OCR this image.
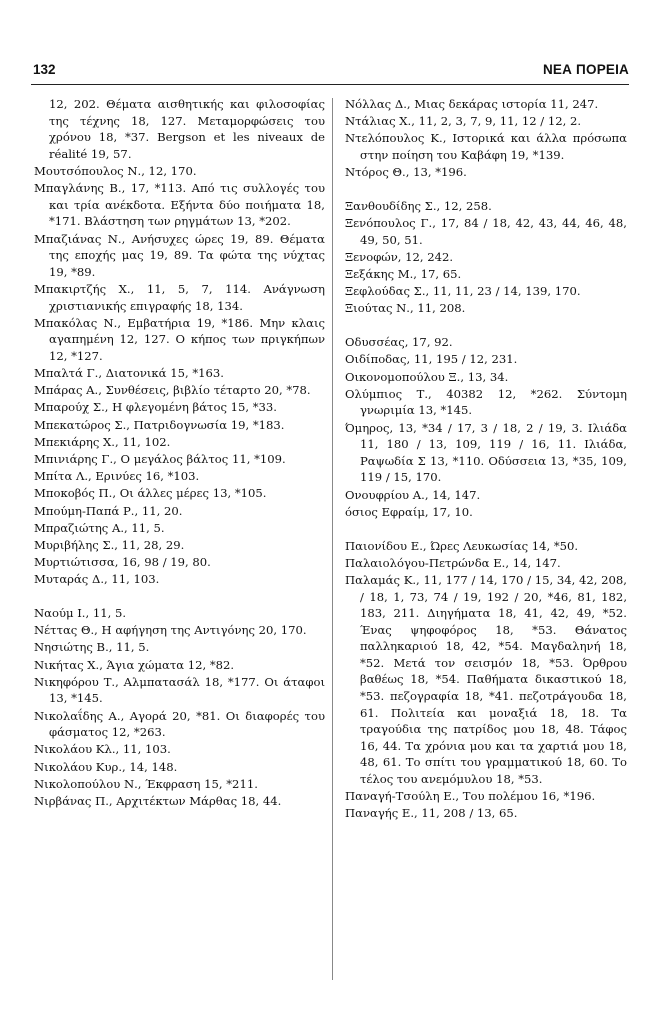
132	ΝΕΑ ΠΟΡΕΙΑ
12, 202. Θέματα αισθητικής και φιλοσοφίας της τέχνης 18, 127. Μεταμορφώσεις του χρόνου 18, *37. Bergson et les niveaux de réalité 19, 57.
Μουτσόπουλος Ν., 12, 170.
Μπαγλάνης Β., 17, *113. Από τις συλλογές του και τρία ανέκδοτα. Εξήντα δύο ποιήματα 18, *171. Βλάστηση των ρηγμάτων 13, *202.
Μπαζιάνας Ν., Ανήσυχες ώρες 19, 89. Θέματα της εποχής μας 19, 89. Τα φώτα της νύχτας 19, *89.
Μπακιρτζής Χ., 11, 5, 7, 114. Ανάγνωση χριστιανικής επιγραφής 18, 134.
Μπακόλας Ν., Εμβατήρια 19, *186. Μην κλαις αγαπημένη 12, 127. Ο κήπος των πριγκήπων 12, *127.
Μπαλτά Γ., Διατονικά 15, *163.
Μπάρας Α., Συνθέσεις, βιβλίο τέταρτο 20, *78.
Μπαρούχ Σ., Η φλεγομένη βάτος 15, *33.
Μπεκατώρος Σ., Πατριδογνωσία 19, *183.
Μπεκιάρης Χ., 11, 102.
Μπινιάρης Γ., Ο μεγάλος βάλτος 11, *109.
Μπίτα Λ., Ερινύες 16, *103.
Μποκοβός Π., Οι άλλες μέρες 13, *105.
Μπούμη-Παπά Ρ., 11, 20.
Μπραζιώτης Α., 11, 5.
Μυριβήλης Σ., 11, 28, 29.
Μυρτιώτισσα, 16, 98 / 19, 80.
Μυταράς Δ., 11, 103.
Ναούμ Ι., 11, 5.
Νέττας Θ., Η αφήγηση της Αντιγόνης 20, 170.
Νησιώτης Β., 11, 5.
Νικήτας Χ., Άγια χώματα 12, *82.
Νικηφόρου Τ., Αλμπατασάλ 18, *177. Οι άταφοι 13, *145.
Νικολαΐδης Α., Αγορά 20, *81. Οι διαφορές του φάσματος 12, *263.
Νικολάου Κλ., 11, 103.
Νικολάου Κυρ., 14, 148.
Νικολοπούλου Ν., Έκφραση 15, *211.
Νιρβάνας Π., Αρχιτέκτων Μάρθας 18, 44.
Νόλλας Δ., Μιας δεκάρας ιστορία 11, 247.
Ντάλιας Χ., 11, 2, 3, 7, 9, 11, 12 / 12, 2.
Ντελόπουλος Κ., Ιστορικά και άλλα πρόσωπα στην ποίηση του Καβάφη 19, *139.
Ντόρος Θ., 13, *196.
Ξανθουδίδης Σ., 12, 258.
Ξενόπουλος Γ., 17, 84 / 18, 42, 43, 44, 46, 48, 49, 50, 51.
Ξενοφών, 12, 242.
Ξεξάκης Μ., 17, 65.
Ξεφλούδας Σ., 11, 11, 23 / 14, 139, 170.
Ξιούτας Ν., 11, 208.
Οδυσσέας, 17, 92.
Οιδίποδας, 11, 195 / 12, 231.
Οικονομοπούλου Ξ., 13, 34.
Ολύμπιος Τ., 40382 12, *262. Σύντομη γνωριμία 13, *145.
Όμηρος, 13, *34 / 17, 3 / 18, 2 / 19, 3. Ιλιάδα 11, 180 / 13, 109, 119 / 16, 11. Ιλιάδα, Ραψωδία Σ 13, *110. Οδύσσεια 13, *35, 109, 119 / 15, 170.
Ονουφρίου Α., 14, 147.
όσιος Εφραίμ, 17, 10.
Παιονίδου Ε., Ώρες Λευκωσίας 14, *50.
Παλαιολόγου-Πετρώνδα Ε., 14, 147.
Παλαμάς Κ., 11, 177 / 14, 170 / 15, 34, 42, 208, / 18, 1, 73, 74 / 19, 192 / 20, *46, 81, 182, 183, 211. Διηγήματα 18, 41, 42, 49, *52. Ένας ψηφοφόρος 18, *53. Θάνατος παλληκαριού 18, 42, *54. Μαγδαληνή 18, *52. Μετά τον σεισμόν 18, *53. Όρθρου βαθέως 18, *54. Παθήματα δικαστικού 18, *53. πεζογραφία 18, *41. πεζοτράγουδα 18, 61. Πολιτεία και μοναξιά 18, 18. Τα τραγούδια της πατρίδος μου 18, 48. Τάφος 16, 44. Τα χρόνια μου και τα χαρτιά μου 18, 48, 61. Το σπίτι του γραμματικού 18, 60. Το τέλος του ανεμόμυλου 18, *53.
Παναγή-Τσούλη Ε., Του πολέμου 16, *196.
Παναγής Ε., 11, 208 / 13, 65.
